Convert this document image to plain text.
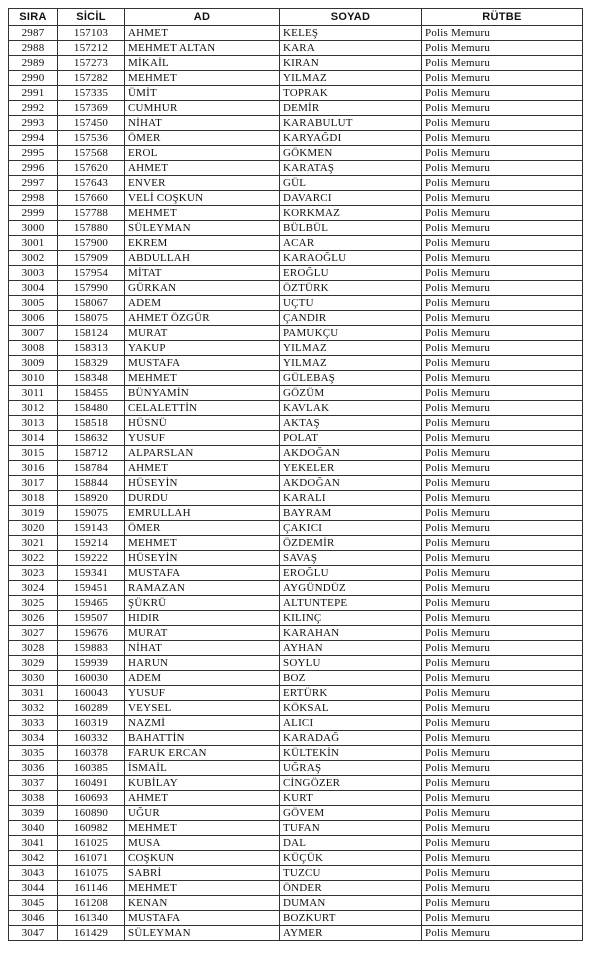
SIRA	SİCİL	AD	SOYAD	RÜTBE
2987	157103	AHMET	KELEŞ	Polis Memuru
2988	157212	MEHMET ALTAN	KARA	Polis Memuru
2989	157273	MİKAİL	KIRAN	Polis Memuru
2990	157282	MEHMET	YILMAZ	Polis Memuru
2991	157335	ÜMİT	TOPRAK	Polis Memuru
2992	157369	CUMHUR	DEMİR	Polis Memuru
2993	157450	NİHAT	KARABULUT	Polis Memuru
2994	157536	ÖMER	KARYAĞDI	Polis Memuru
2995	157568	EROL	GÖKMEN	Polis Memuru
2996	157620	AHMET	KARATAŞ	Polis Memuru
2997	157643	ENVER	GÜL	Polis Memuru
2998	157660	VELİ COŞKUN	DAVARCI	Polis Memuru
2999	157788	MEHMET	KORKMAZ	Polis Memuru
3000	157880	SÜLEYMAN	BÜLBÜL	Polis Memuru
3001	157900	EKREM	ACAR	Polis Memuru
3002	157909	ABDULLAH	KARAOĞLU	Polis Memuru
3003	157954	MİTAT	EROĞLU	Polis Memuru
3004	157990	GÜRKAN	ÖZTÜRK	Polis Memuru
3005	158067	ADEM	UÇTU	Polis Memuru
3006	158075	AHMET ÖZGÜR	ÇANDIR	Polis Memuru
3007	158124	MURAT	PAMUKÇU	Polis Memuru
3008	158313	YAKUP	YILMAZ	Polis Memuru
3009	158329	MUSTAFA	YILMAZ	Polis Memuru
3010	158348	MEHMET	GÜLEBAŞ	Polis Memuru
3011	158455	BÜNYAMİN	GÖZÜM	Polis Memuru
3012	158480	CELALETTİN	KAVLAK	Polis Memuru
3013	158518	HÜSNÜ	AKTAŞ	Polis Memuru
3014	158632	YUSUF	POLAT	Polis Memuru
3015	158712	ALPARSLAN	AKDOĞAN	Polis Memuru
3016	158784	AHMET	YEKELER	Polis Memuru
3017	158844	HÜSEYİN	AKDOĞAN	Polis Memuru
3018	158920	DURDU	KARALI	Polis Memuru
3019	159075	EMRULLAH	BAYRAM	Polis Memuru
3020	159143	ÖMER	ÇAKICI	Polis Memuru
3021	159214	MEHMET	ÖZDEMİR	Polis Memuru
3022	159222	HÜSEYİN	SAVAŞ	Polis Memuru
3023	159341	MUSTAFA	EROĞLU	Polis Memuru
3024	159451	RAMAZAN	AYGÜNDÜZ	Polis Memuru
3025	159465	ŞÜKRÜ	ALTUNTEPE	Polis Memuru
3026	159507	HIDIR	KILINÇ	Polis Memuru
3027	159676	MURAT	KARAHAN	Polis Memuru
3028	159883	NİHAT	AYHAN	Polis Memuru
3029	159939	HARUN	SOYLU	Polis Memuru
3030	160030	ADEM	BOZ	Polis Memuru
3031	160043	YUSUF	ERTÜRK	Polis Memuru
3032	160289	VEYSEL	KÖKSAL	Polis Memuru
3033	160319	NAZMİ	ALICI	Polis Memuru
3034	160332	BAHATTİN	KARADAĞ	Polis Memuru
3035	160378	FARUK ERCAN	KÜLTEKİN	Polis Memuru
3036	160385	İSMAİL	UĞRAŞ	Polis Memuru
3037	160491	KUBİLAY	CİNGÖZER	Polis Memuru
3038	160693	AHMET	KURT	Polis Memuru
3039	160890	UĞUR	GÖVEM	Polis Memuru
3040	160982	MEHMET	TUFAN	Polis Memuru
3041	161025	MUSA	DAL	Polis Memuru
3042	161071	COŞKUN	KÜÇÜK	Polis Memuru
3043	161075	SABRİ	TUZCU	Polis Memuru
3044	161146	MEHMET	ÖNDER	Polis Memuru
3045	161208	KENAN	DUMAN	Polis Memuru
3046	161340	MUSTAFA	BOZKURT	Polis Memuru
3047	161429	SÜLEYMAN	AYMER	Polis Memuru
